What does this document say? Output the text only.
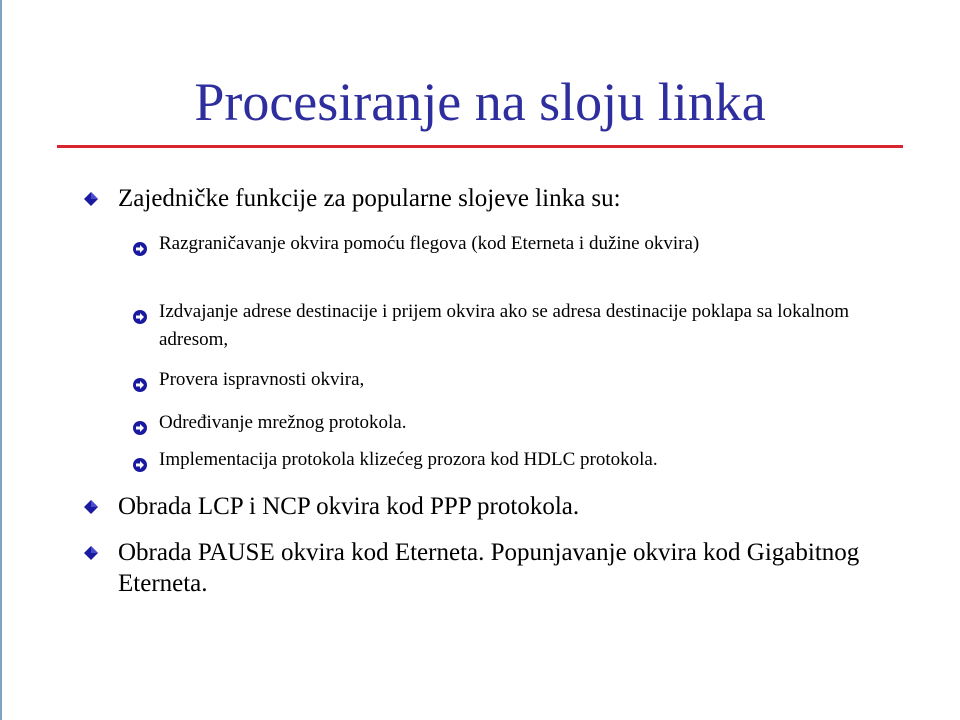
Procesiranje na sloju linka
Zajedničke funkcije za popularne slojeve linka su:
Razgraničavanje okvira pomoću flegova (kod Eterneta i dužine okvira)
Izdvajanje adrese destinacije i prijem okvira ako se adresa destinacije poklapa sa lokalnom adresom,
Provera ispravnosti okvira,
Određivanje mrežnog protokola.
Implementacija protokola klizećeg prozora kod HDLC protokola.
Obrada LCP i NCP okvira kod PPP protokola.
Obrada PAUSE okvira kod Eterneta. Popunjavanje okvira kod Gigabitnog Eterneta.
